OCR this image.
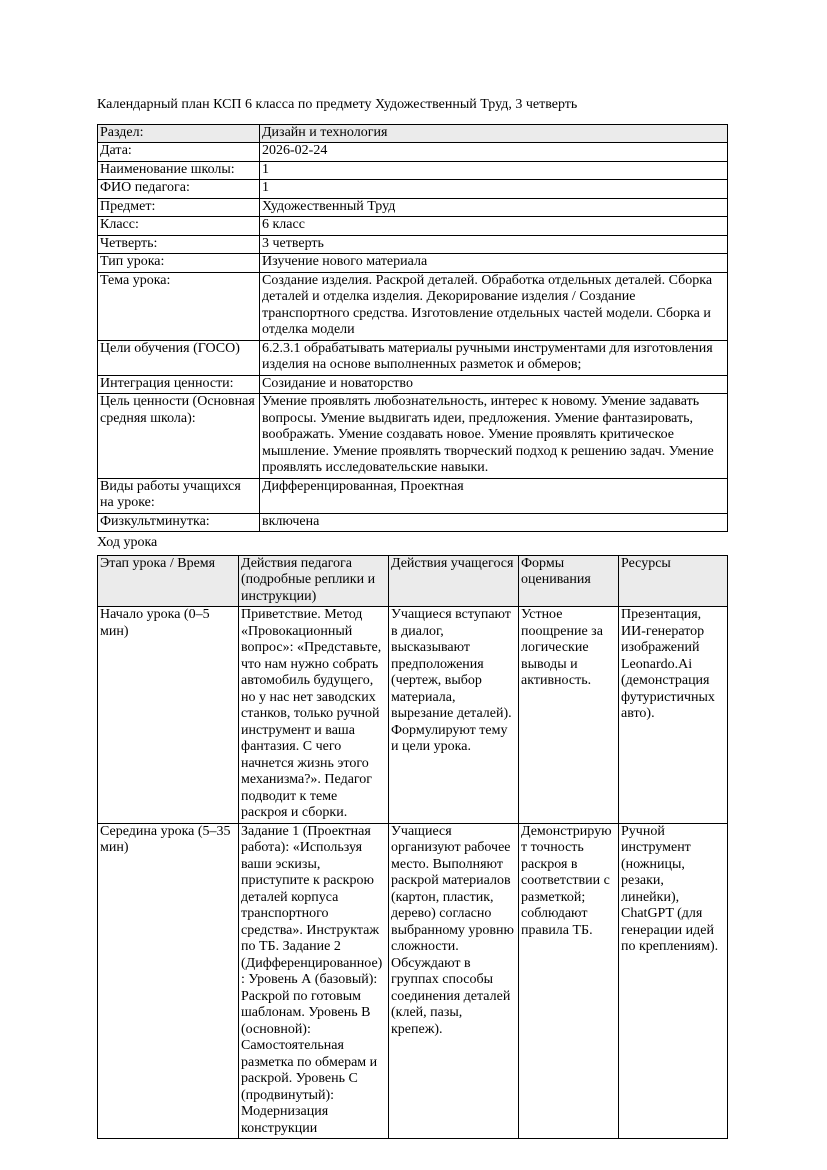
Календарный план КСП 6 класса по предмету Художественный Труд, 3 четверть
Раздел:	Дизайн и технология
Дата:	2026-02-24
Наименование школы:	1
ФИО педагога:	1
Предмет:	Художественный Труд
Класс:	6 класс
Четверть:	3 четверть
Тип урока:	Изучение нового материала
Тема урока:	Создание изделия. Раскрой деталей. Обработка отдельных деталей. Сборка деталей и отделка изделия. Декорирование изделия / Создание транспортного средства. Изготовление отдельных частей модели. Сборка и отделка модели
Цели обучения (ГОСО)	6.2.3.1 обрабатывать материалы ручными инструментами для изготовления изделия на основе выполненных разметок и обмеров;
Интеграция ценности:	Созидание и новаторство
Цель ценности (Основная средняя школа):	Умение проявлять любознательность, интерес к новому. Умение задавать вопросы. Умение выдвигать идеи, предложения. Умение фантазировать, воображать. Умение создавать новое. Умение проявлять критическое мышление. Умение проявлять творческий подход к решению задач. Умение проявлять исследовательские навыки.
Виды работы учащихся на уроке:	Дифференцированная, Проектная
Физкультминутка:	включена
Ход урока
Этап урока / Время	Действия педагога (подробные реплики и инструкции)	Действия учащегося	Формы оценивания	Ресурсы
Начало урока (0–5 мин)	Приветствие. Метод «Провокационный вопрос»: «Представьте, что нам нужно собрать автомобиль будущего, но у нас нет заводских станков, только ручной инструмент и ваша фантазия. С чего начнется жизнь этого механизма?». Педагог подводит к теме раскроя и сборки.	Учащиеся вступают в диалог, высказывают предположения (чертеж, выбор материала, вырезание деталей). Формулируют тему и цели урока.	Устное поощрение за логические выводы и активность.	Презентация, ИИ-генератор изображений Leonardo.Ai (демонстрация футуристичных авто).
Середина урока (5–35 мин)	Задание 1 (Проектная работа): «Используя ваши эскизы, приступите к раскрою деталей корпуса транспортного средства». Инструктаж по ТБ. Задание 2 (Дифференцированное): Уровень А (базовый): Раскрой по готовым шаблонам. Уровень В (основной): Самостоятельная разметка по обмерам и раскрой. Уровень С (продвинутый): Модернизация конструкции	Учащиеся организуют рабочее место. Выполняют раскрой материалов (картон, пластик, дерево) согласно выбранному уровню сложности. Обсуждают в группах способы соединения деталей (клей, пазы, крепеж).	Демонстрируют точность раскроя в соответствии с разметкой; соблюдают правила ТБ.	Ручной инструмент (ножницы, резаки, линейки), ChatGPT (для генерации идей по креплениям).
